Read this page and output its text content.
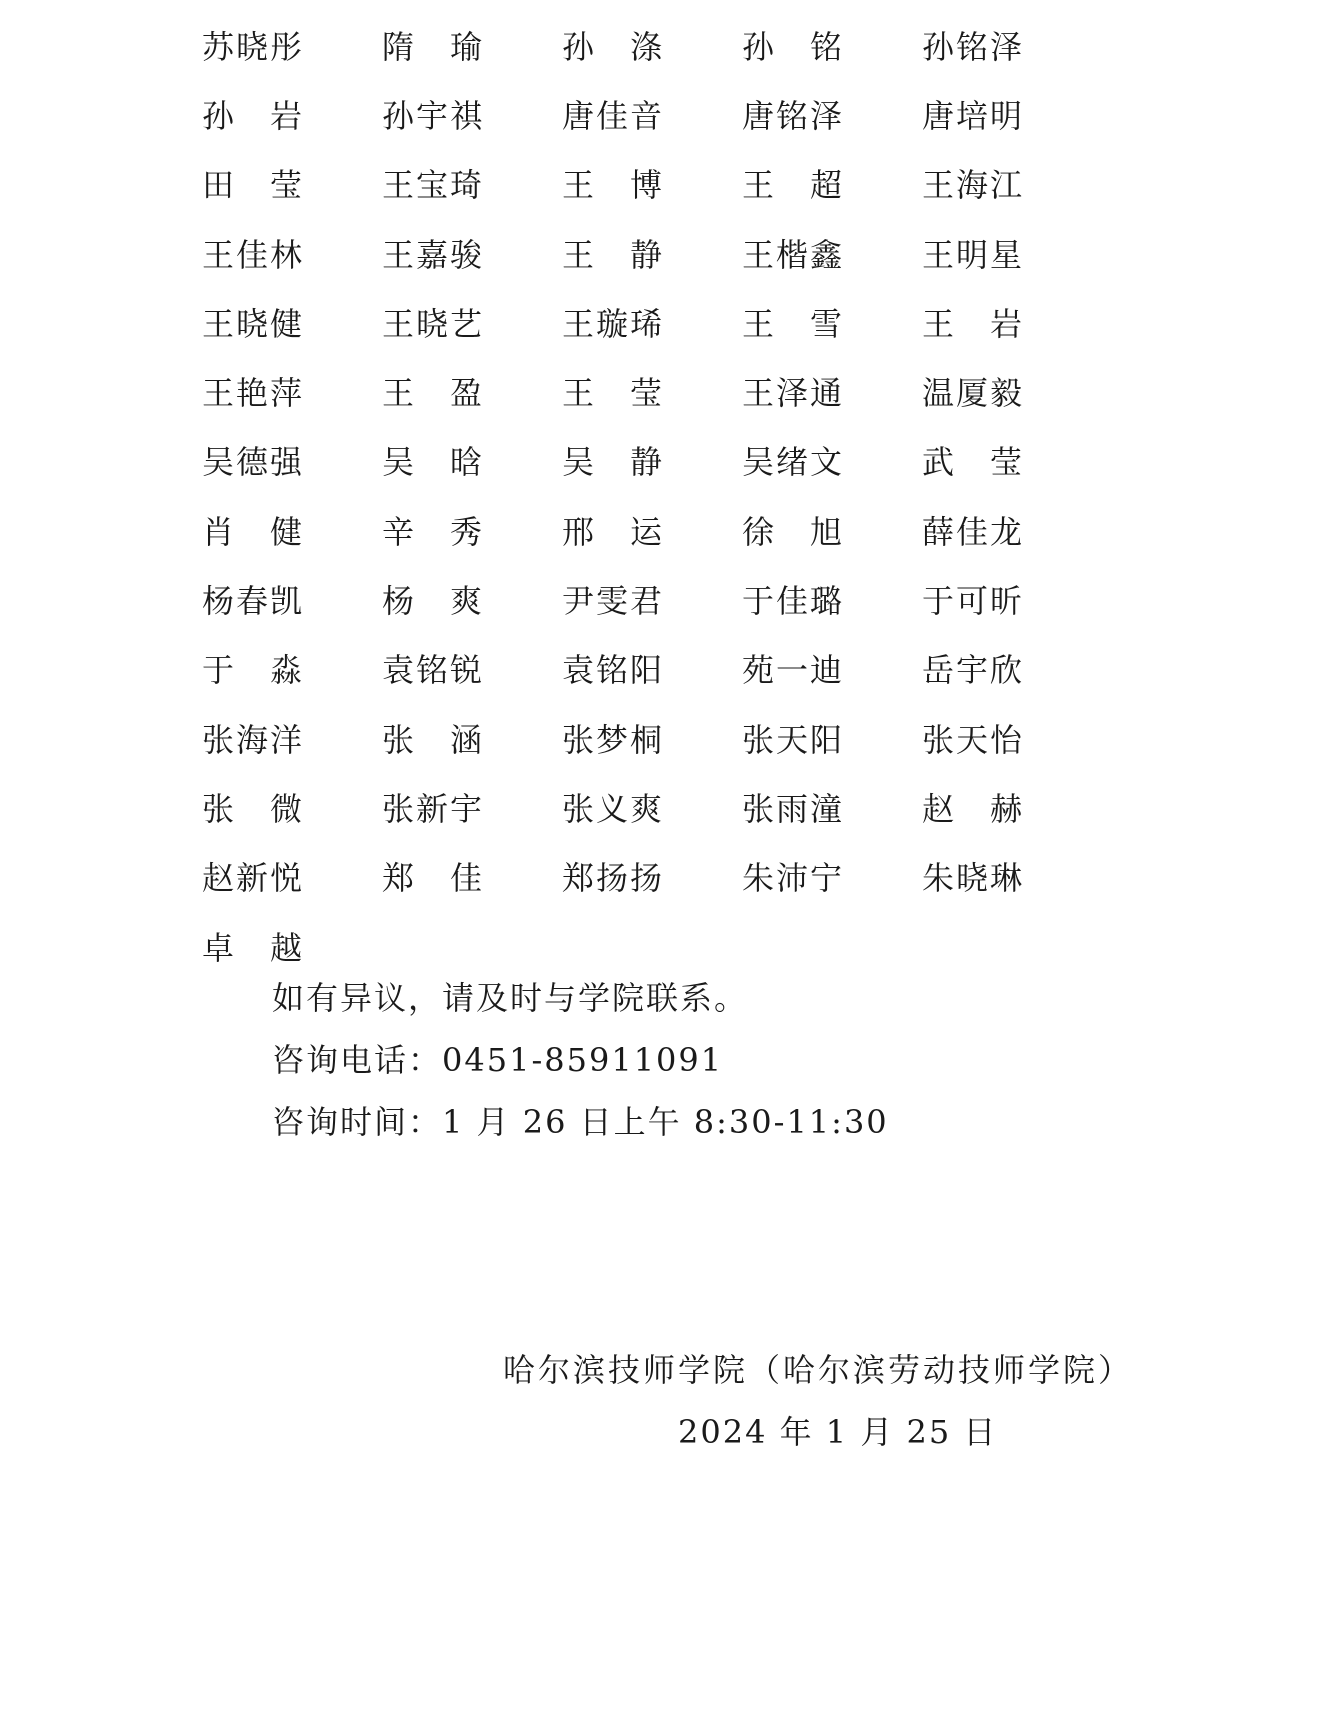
苏晓彤	隋　瑜	孙　涤	孙　铭	孙铭泽
孙　岩	孙宇祺	唐佳音	唐铭泽	唐培明
田　莹	王宝琦	王　博	王　超	王海江
王佳林	王嘉骏	王　静	王楷鑫	王明星
王晓健	王晓艺	王璇琋	王　雪	王　岩
王艳萍	王　盈	王　莹	王泽通	温厦毅
吴德强	吴　晗	吴　静	吴绪文	武　莹
肖　健	辛　秀	邢　运	徐　旭	薛佳龙
杨春凯	杨　爽	尹雯君	于佳璐	于可昕
于　淼	袁铭锐	袁铭阳	苑一迪	岳宇欣
张海洋	张　涵	张梦桐	张天阳	张天怡
张　微	张新宇	张义爽	张雨潼	赵　赫
赵新悦	郑　佳	郑扬扬	朱沛宁	朱晓琳
卓　越
如有异议，请及时与学院联系。
咨询电话：0451-85911091
咨询时间：1 月 26 日上午 8:30-11:30
哈尔滨技师学院（哈尔滨劳动技师学院）
2024 年 1 月 25 日
